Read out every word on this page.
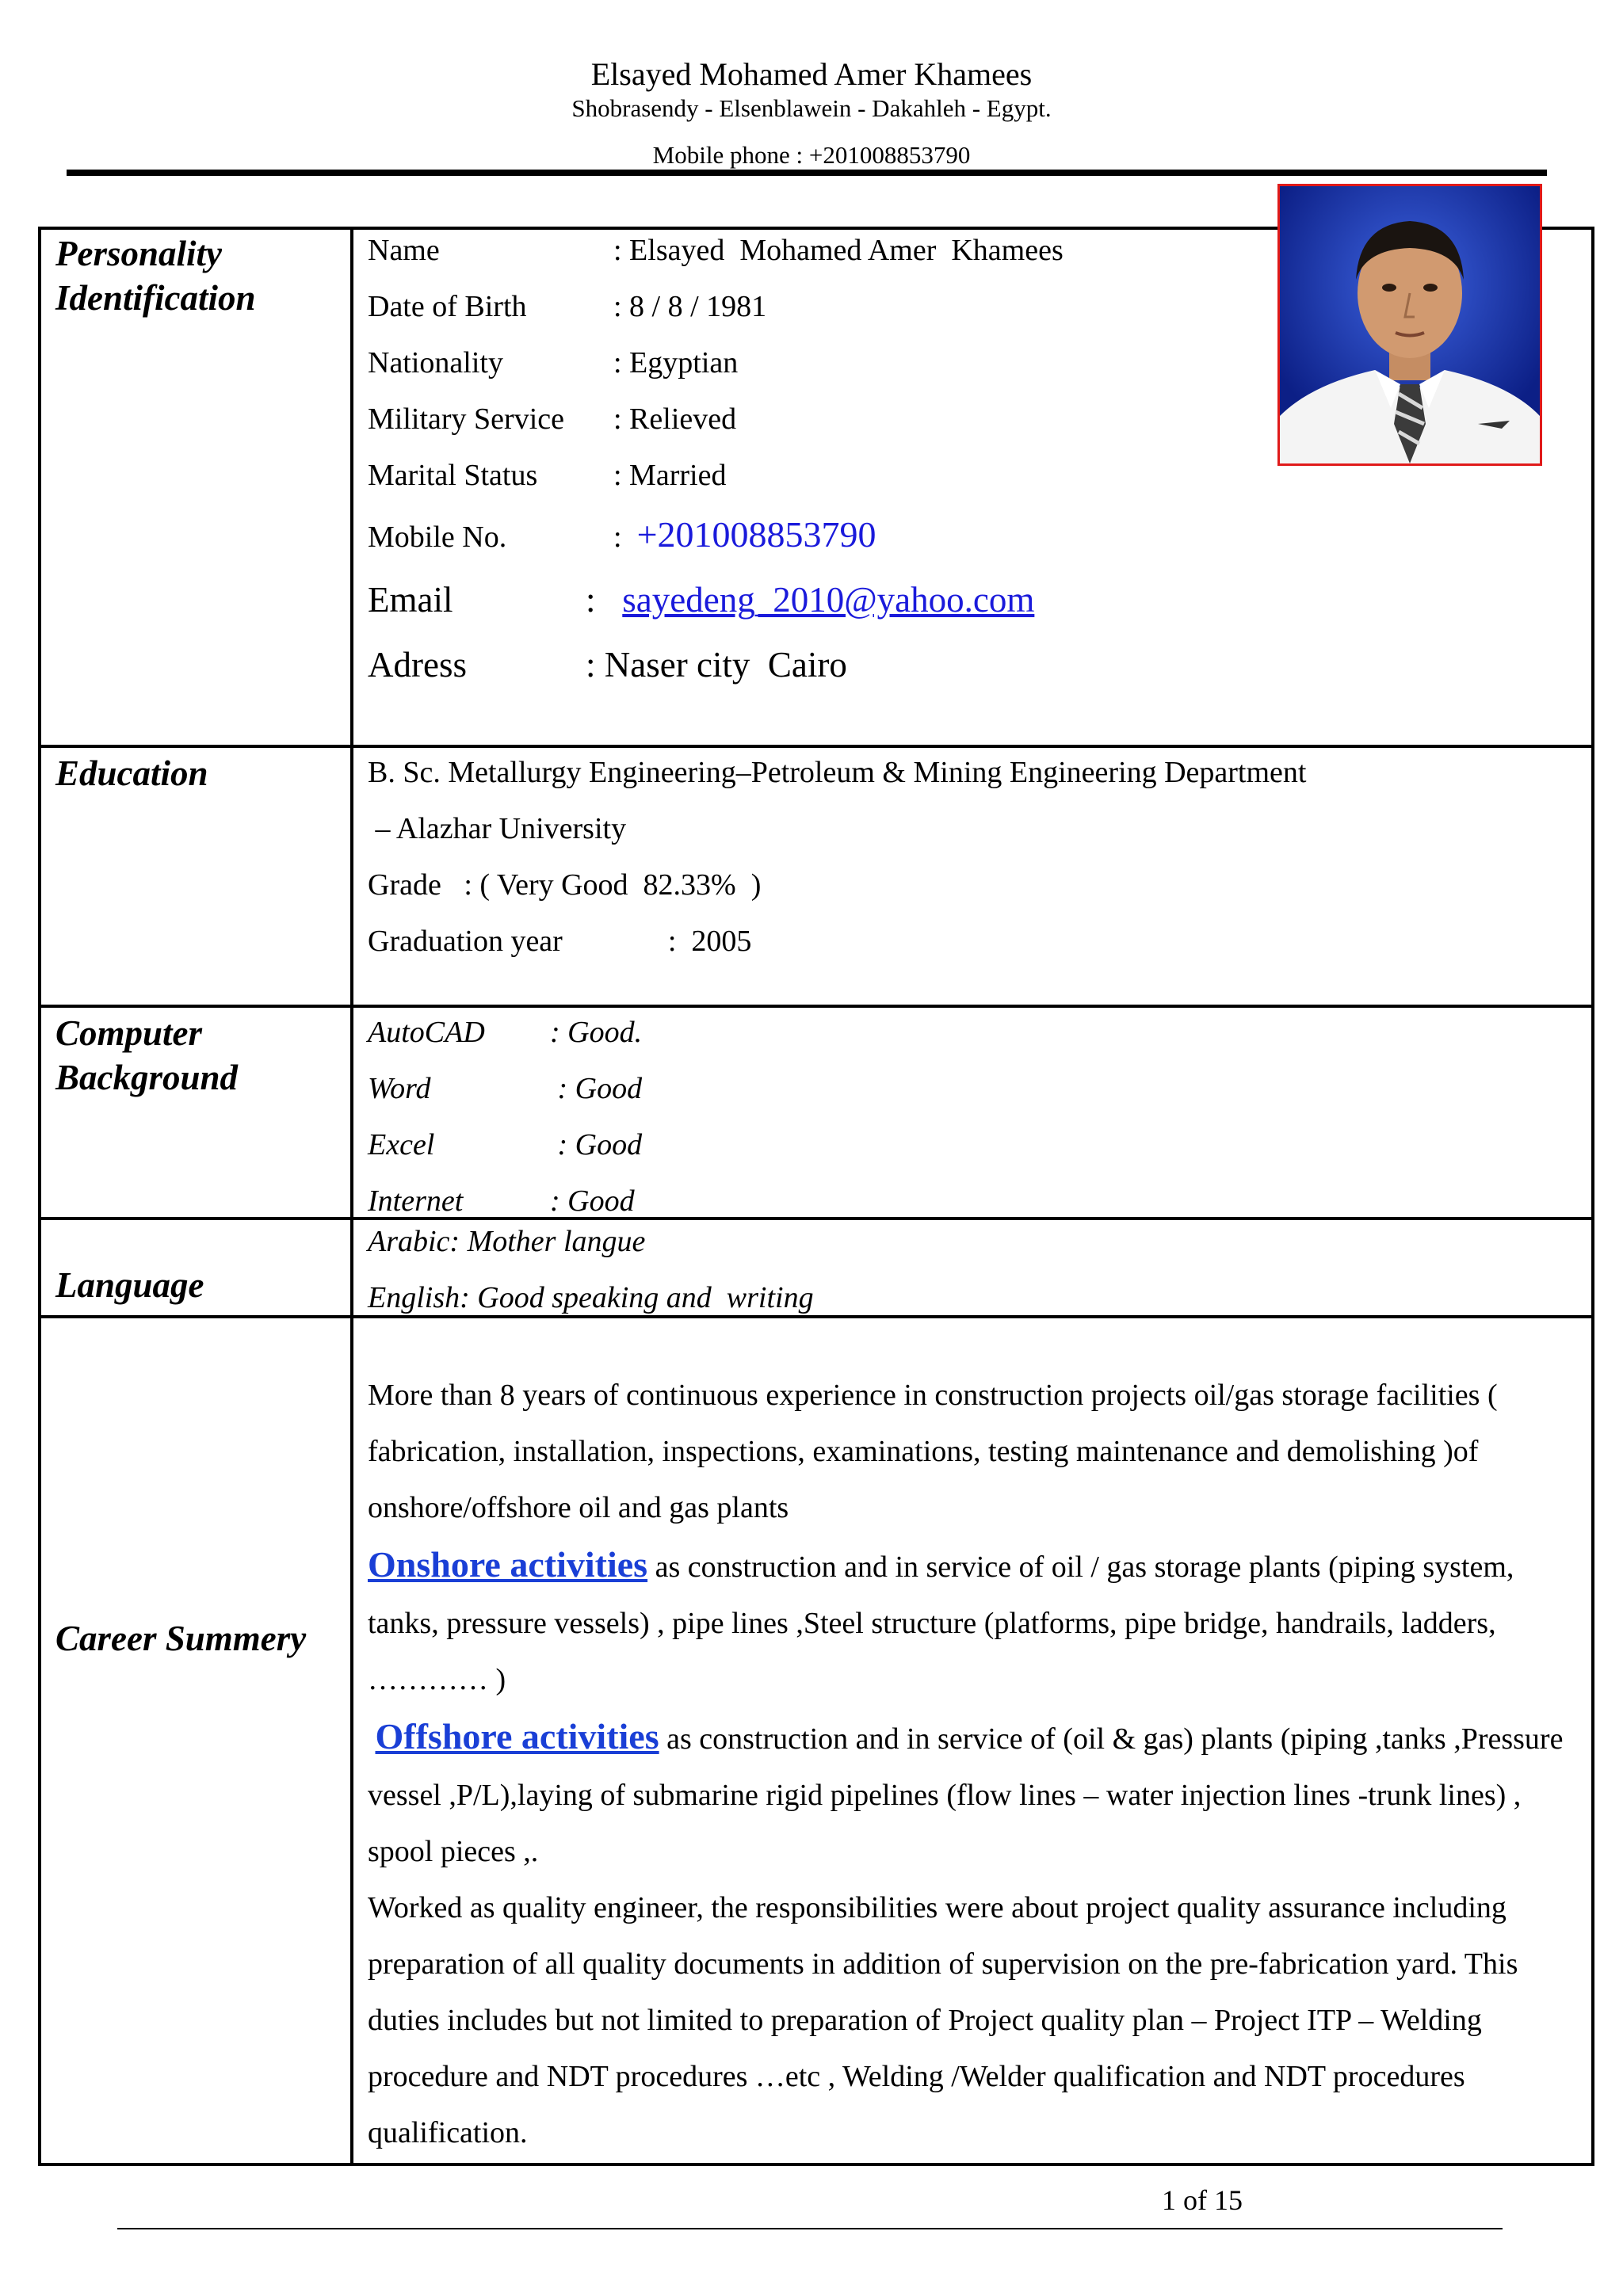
Elsayed Mohamed Amer Khamees
Shobrasendy - Elsenblawein - Dakahleh - Egypt.
Mobile phone : +201008853790
Personality
Identification
Name	: Elsayed  Mohamed Amer  Khamees
Date of Birth	: 8 / 8 / 1981
Nationality	: Egyptian
Military Service : Relieved
Marital Status	: Married
Mobile No.	: +201008853790
Email	: sayedeng_2010@yahoo.com
Adress	: Naser city  Cairo
Education	B. Sc. Metallurgy Engineering–Petroleum & Mining Engineering Department
– Alazhar University
Grade   : ( Very Good  82.33%  )
Graduation year              :  2005
Computer
Background
AutoCAD : Good.
Word	: Good
Excel	: Good
Internet	: Good
Language
Arabic: Mother langue
English: Good speaking and  writing
Career Summery
More than 8 years of continuous experience in construction projects oil/gas storage facilities ( fabrication, installation, inspections, examinations, testing maintenance and demolishing )of onshore/offshore oil and gas plants
Onshore activities as construction and in service of oil / gas storage plants (piping system, tanks, pressure vessels) , pipe lines ,Steel structure (platforms, pipe bridge, handrails, ladders, ………… )
Offshore activities as construction and in service of (oil & gas) plants (piping ,tanks ,Pressure vessel ,P/L),laying of submarine rigid pipelines (flow lines – water injection lines -trunk lines) , spool pieces ,.
Worked as quality engineer, the responsibilities were about project quality assurance including preparation of all quality documents in addition of supervision on the pre-fabrication yard. This duties includes but not limited to preparation of Project quality plan – Project ITP – Welding procedure and NDT procedures …etc , Welding /Welder qualification and NDT procedures qualification.
1 of 15
